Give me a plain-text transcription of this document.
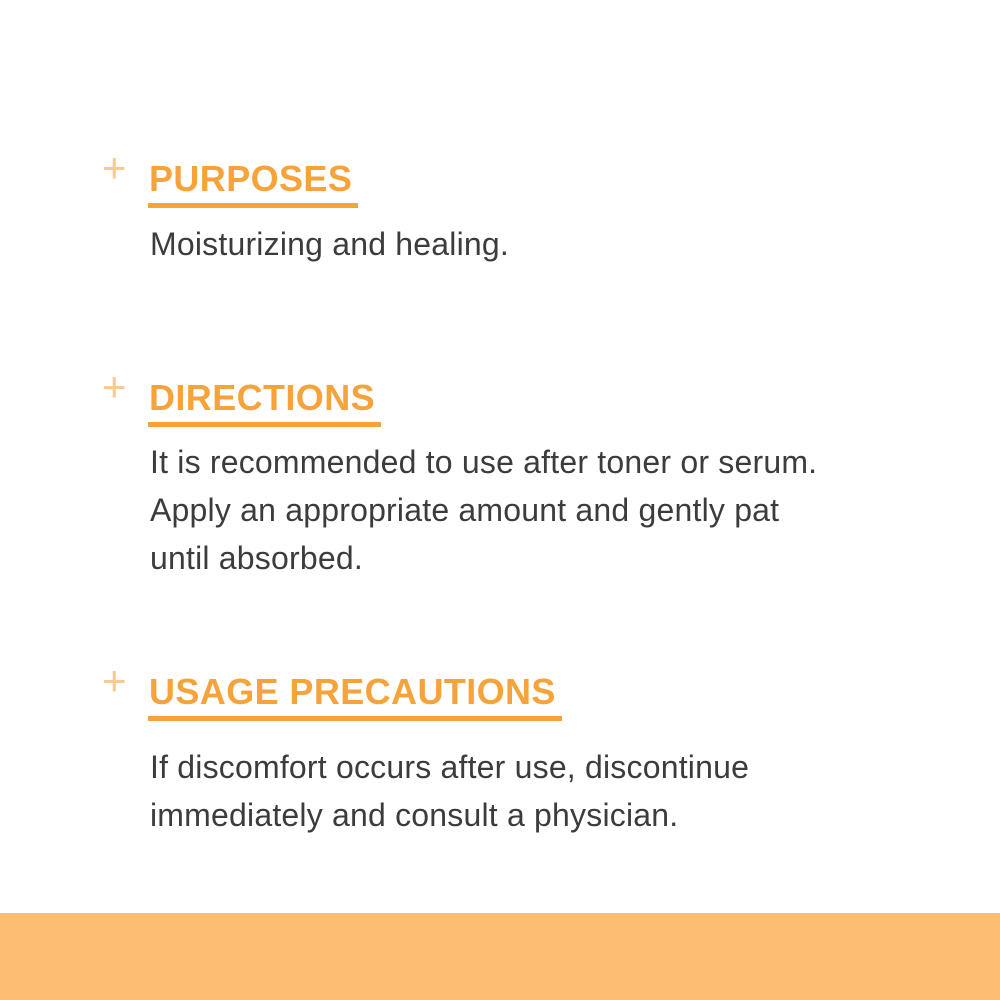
+ PURPOSES
Moisturizing and healing.
+ DIRECTIONS
It is recommended to use after toner or serum.
Apply an appropriate amount and gently pat
until absorbed.
+ USAGE PRECAUTIONS
If discomfort occurs after use, discontinue
immediately and consult a physician.
